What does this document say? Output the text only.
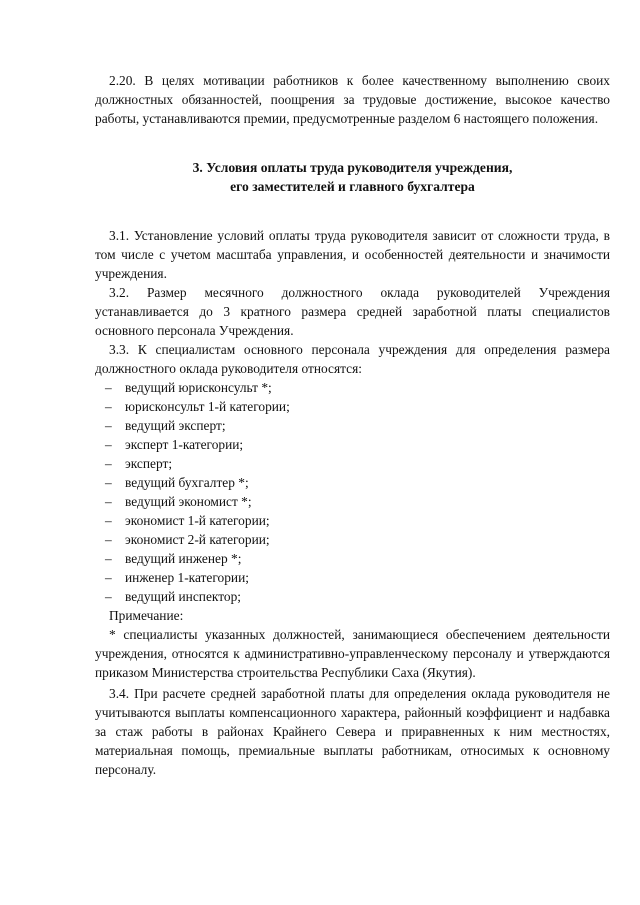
2.20. В целях мотивации работников к более качественному выполнению своих должностных обязанностей, поощрения за трудовые достижение, высокое качество работы, устанавливаются премии, предусмотренные разделом 6 настоящего положения.

3. Условия оплаты труда руководителя учреждения,
его заместителей и главного бухгалтера

3.1. Установление условий оплаты труда руководителя зависит от сложности труда, в том числе с учетом масштаба управления, и особенностей деятельности и значимости учреждения.

3.2. Размер месячного должностного оклада руководителей Учреждения устанавливается до 3 кратного размера средней заработной платы специалистов основного персонала Учреждения.

3.3. К специалистам основного персонала учреждения для определения размера должностного оклада руководителя относятся:

– ведущий юрисконсульт *;
– юрисконсульт 1-й категории;
– ведущий эксперт;
– эксперт 1-категории;
– эксперт;
– ведущий бухгалтер *;
– ведущий экономист *;
– экономист 1-й категории;
– экономист 2-й категории;
– ведущий инженер *;
– инженер 1-категории;
– ведущий инспектор;

Примечание:

* специалисты указанных должностей, занимающиеся обеспечением деятельности учреждения, относятся к административно-управленческому персоналу и утверждаются приказом Министерства строительства Республики Саха (Якутия).

3.4. При расчете средней заработной платы для определения оклада руководителя не учитываются выплаты компенсационного характера, районный коэффициент и надбавка за стаж работы в районах Крайнего Севера и приравненных к ним местностях, материальная помощь, премиальные выплаты работникам, относимых к основному персоналу.
